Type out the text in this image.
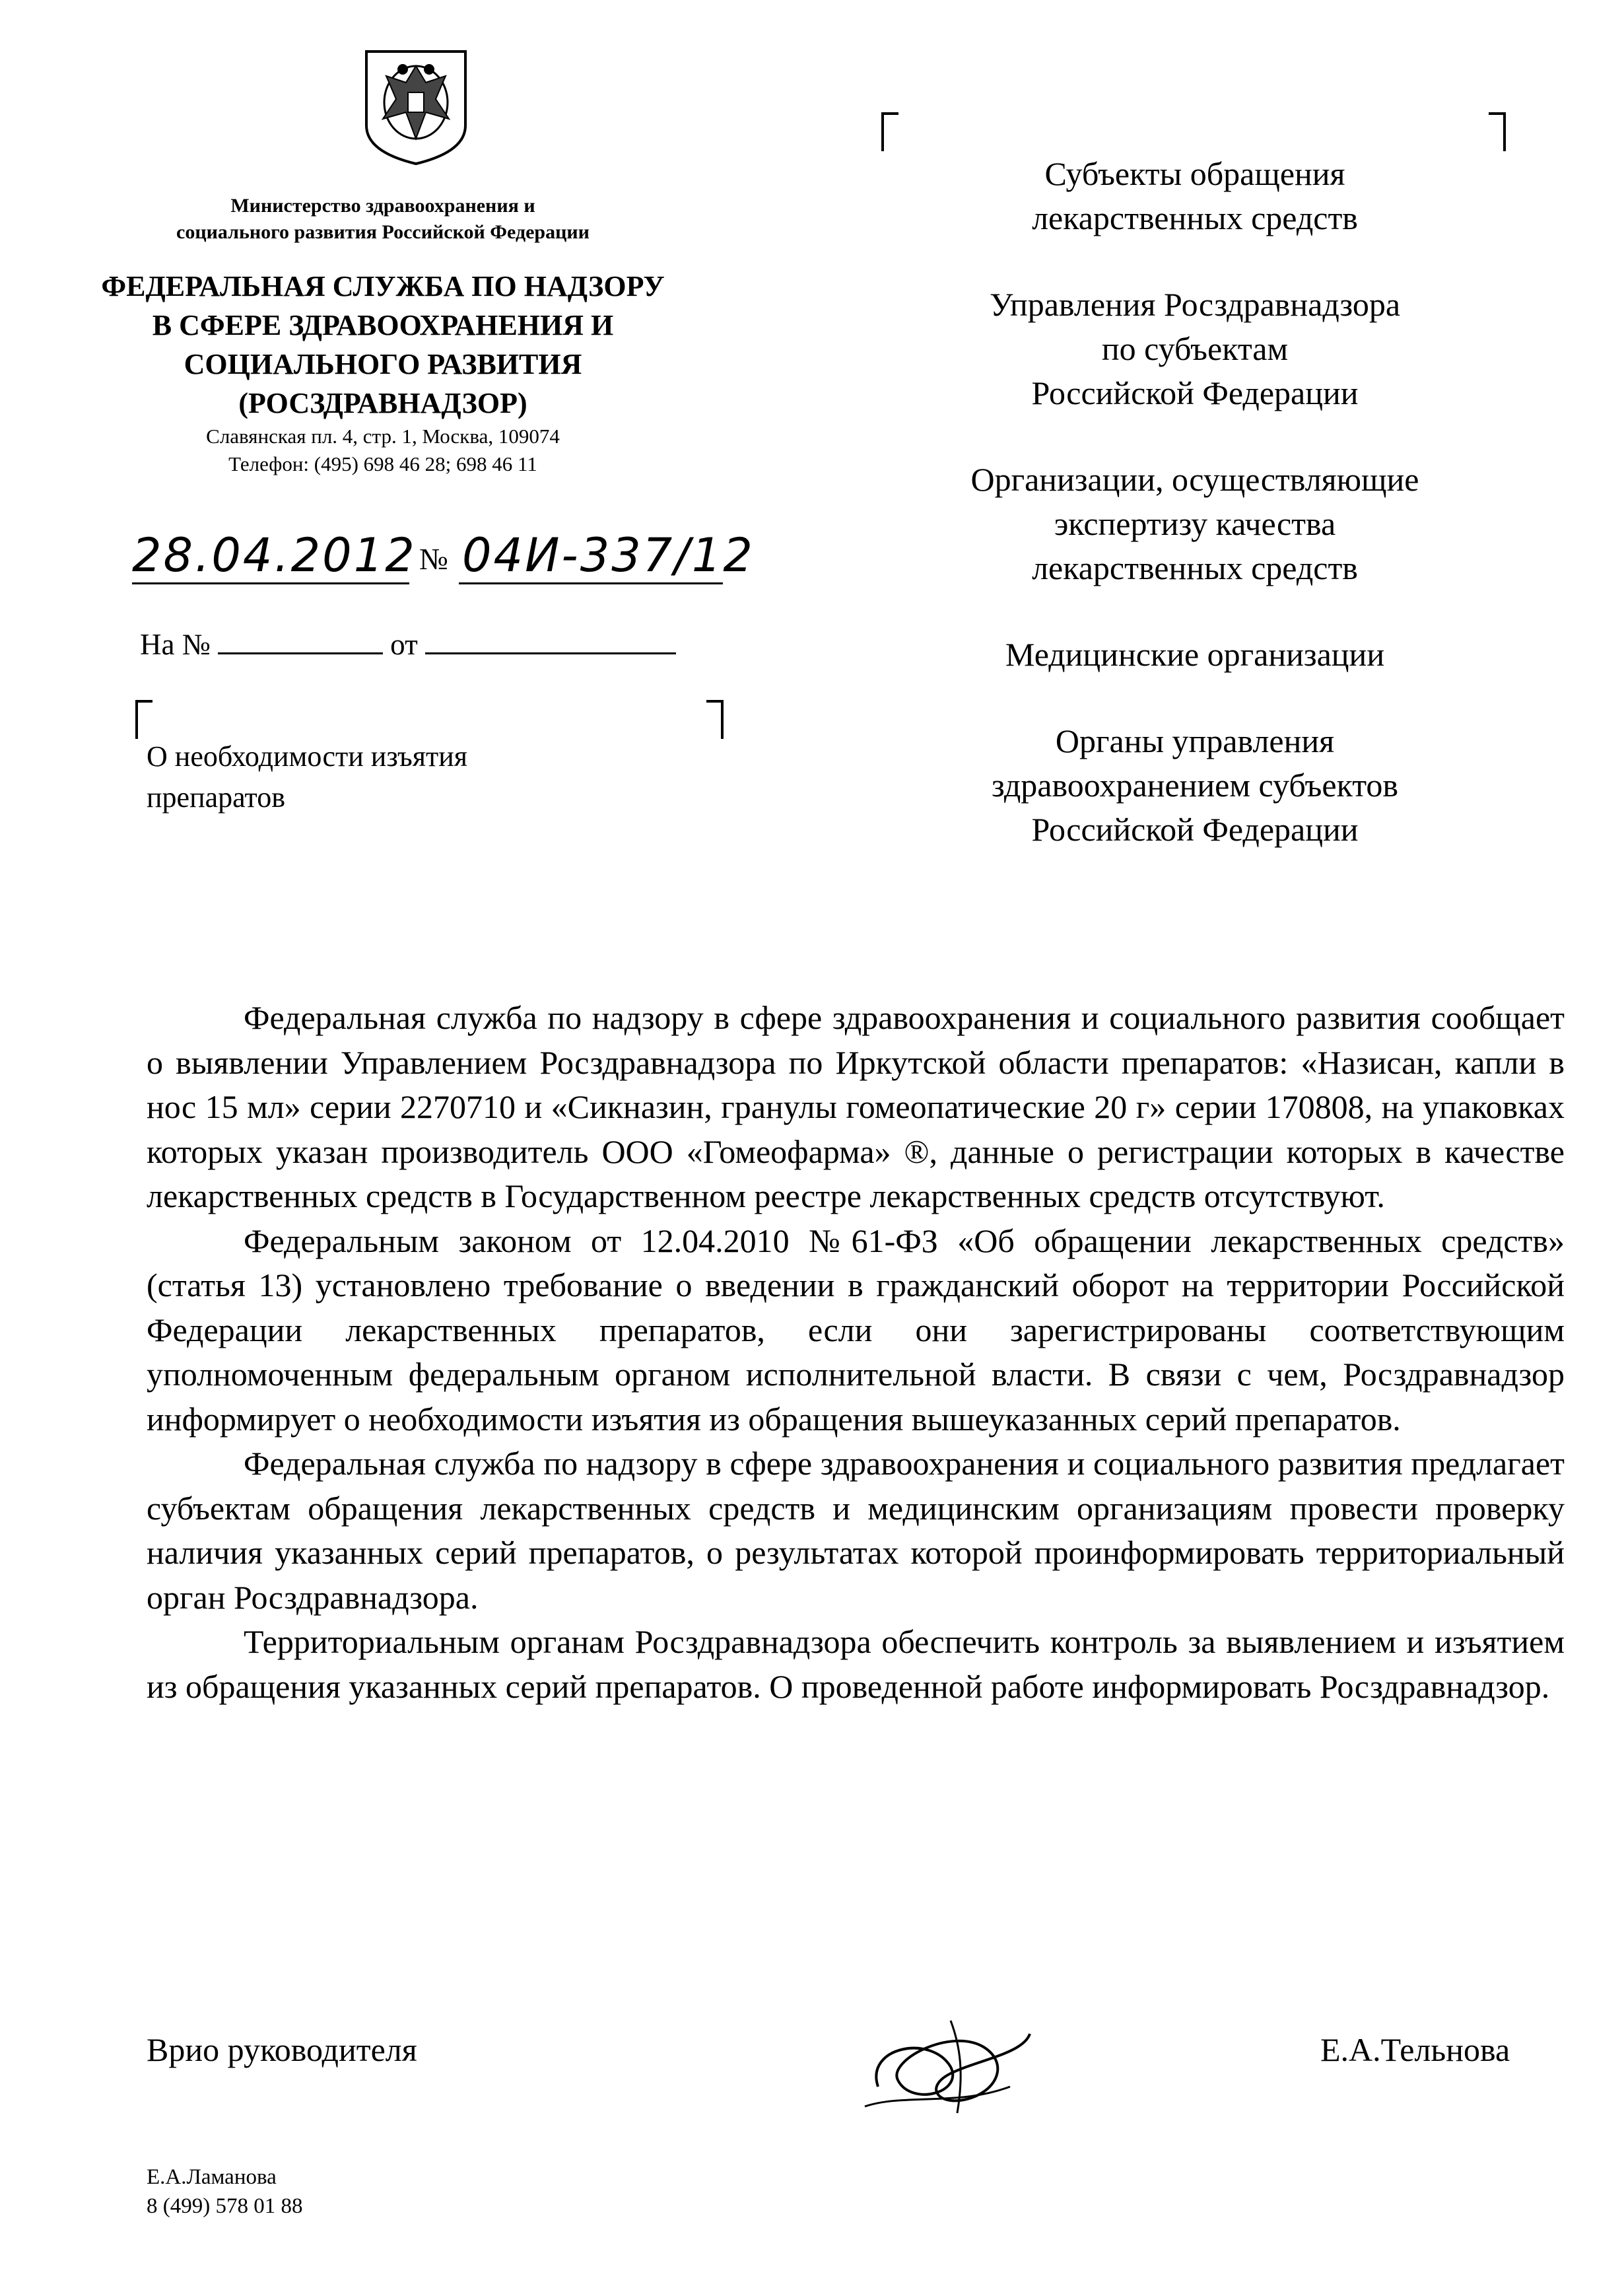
Министерство здравоохранения и
социального развития Российской Федерации
ФЕДЕРАЛЬНАЯ СЛУЖБА ПО НАДЗОРУ
В СФЕРЕ ЗДРАВООХРАНЕНИЯ И
СОЦИАЛЬНОГО РАЗВИТИЯ
(РОСЗДРАВНАДЗОР)
Славянская пл. 4, стр. 1, Москва, 109074
Телефон: (495) 698 46 28; 698 46 11
28.04.2012 № 04И-337/12
На №	от
О необходимости изъятия
препаратов
Субъекты обращения
лекарственных средств
Управления Росздравнадзора
по субъектам
Российской Федерации
Организации, осуществляющие
экспертизу качества
лекарственных средств
Медицинские организации
Органы управления
здравоохранением субъектов
Российской Федерации

Федеральная служба по надзору в сфере здравоохранения и социального развития сообщает о выявлении Управлением Росздравнадзора по Иркутской области препаратов: «Назисан, капли в нос 15 мл» серии 2270710 и «Сикназин, гранулы гомеопатические 20 г» серии 170808, на упаковках которых указан производитель ООО «Гомеофарма» ®, данные о регистрации которых в качестве лекарственных средств в Государственном реестре лекарственных средств отсутствуют.

Федеральным законом от 12.04.2010 №61-ФЗ «Об обращении лекарственных средств» (статья 13) установлено требование о введении в гражданский оборот на территории Российской Федерации лекарственных препаратов, если они зарегистрированы соответствующим уполномоченным федеральным органом исполнительной власти. В связи с чем, Росздравнадзор информирует о необходимости изъятия из обращения вышеуказанных серий препаратов.

Федеральная служба по надзору в сфере здравоохранения и социального развития предлагает субъектам обращения лекарственных средств и медицинским организациям провести проверку наличия указанных серий препаратов, о результатах которой проинформировать территориальный орган Росздравнадзора.

Территориальным органам Росздравнадзора обеспечить контроль за выявлением и изъятием из обращения указанных серий препаратов. О проведенной работе информировать Росздравнадзор.

Врио руководителя	Е.А.Тельнова
Е.А.Ламанова
8 (499) 578 01 88
